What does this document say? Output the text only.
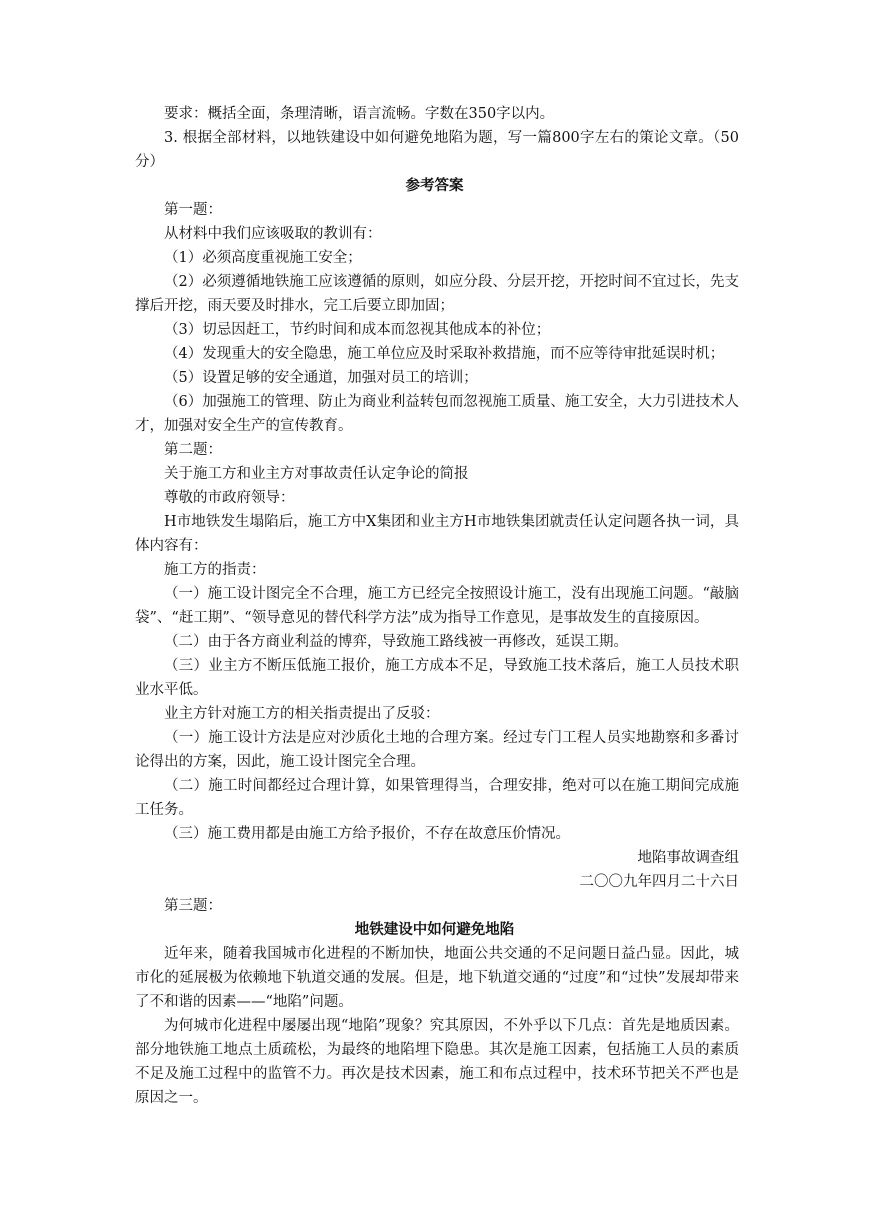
要求：概括全面，条理清晰，语言流畅。字数在350字以内。
3. 根据全部材料，以地铁建设中如何避免地陷为题，写一篇800字左右的策论文章。（50分）
参考答案
第一题：
从材料中我们应该吸取的教训有：
（1）必须高度重视施工安全；
（2）必须遵循地铁施工应该遵循的原则，如应分段、分层开挖，开挖时间不宜过长，先支撑后开挖，雨天要及时排水，完工后要立即加固；
（3）切忌因赶工，节约时间和成本而忽视其他成本的补位；
（4）发现重大的安全隐患，施工单位应及时采取补救措施，而不应等待审批延误时机；
（5）设置足够的安全通道，加强对员工的培训；
（6）加强施工的管理、防止为商业利益转包而忽视施工质量、施工安全，大力引进技术人才，加强对安全生产的宣传教育。
第二题：
关于施工方和业主方对事故责任认定争论的简报
尊敬的市政府领导：
H市地铁发生塌陷后，施工方中X集团和业主方H市地铁集团就责任认定问题各执一词，具体内容有：
施工方的指责：
（一）施工设计图完全不合理，施工方已经完全按照设计施工，没有出现施工问题。“敲脑袋”、“赶工期”、“领导意见的替代科学方法”成为指导工作意见，是事故发生的直接原因。
（二）由于各方商业利益的博弈，导致施工路线被一再修改，延误工期。
（三）业主方不断压低施工报价，施工方成本不足，导致施工技术落后，施工人员技术职业水平低。
业主方针对施工方的相关指责提出了反驳：
（一）施工设计方法是应对沙质化土地的合理方案。经过专门工程人员实地勘察和多番讨论得出的方案，因此，施工设计图完全合理。
（二）施工时间都经过合理计算，如果管理得当，合理安排，绝对可以在施工期间完成施工任务。
（三）施工费用都是由施工方给予报价，不存在故意压价情况。
地陷事故调查组
二〇〇九年四月二十六日
第三题：
地铁建设中如何避免地陷
近年来，随着我国城市化进程的不断加快，地面公共交通的不足问题日益凸显。因此，城市化的延展极为依赖地下轨道交通的发展。但是，地下轨道交通的“过度”和“过快”发展却带来了不和谐的因素——“地陷”问题。
为何城市化进程中屡屡出现“地陷”现象？究其原因，不外乎以下几点：首先是地质因素。部分地铁施工地点土质疏松，为最终的地陷埋下隐患。其次是施工因素，包括施工人员的素质不足及施工过程中的监管不力。再次是技术因素，施工和布点过程中，技术环节把关不严也是原因之一。
